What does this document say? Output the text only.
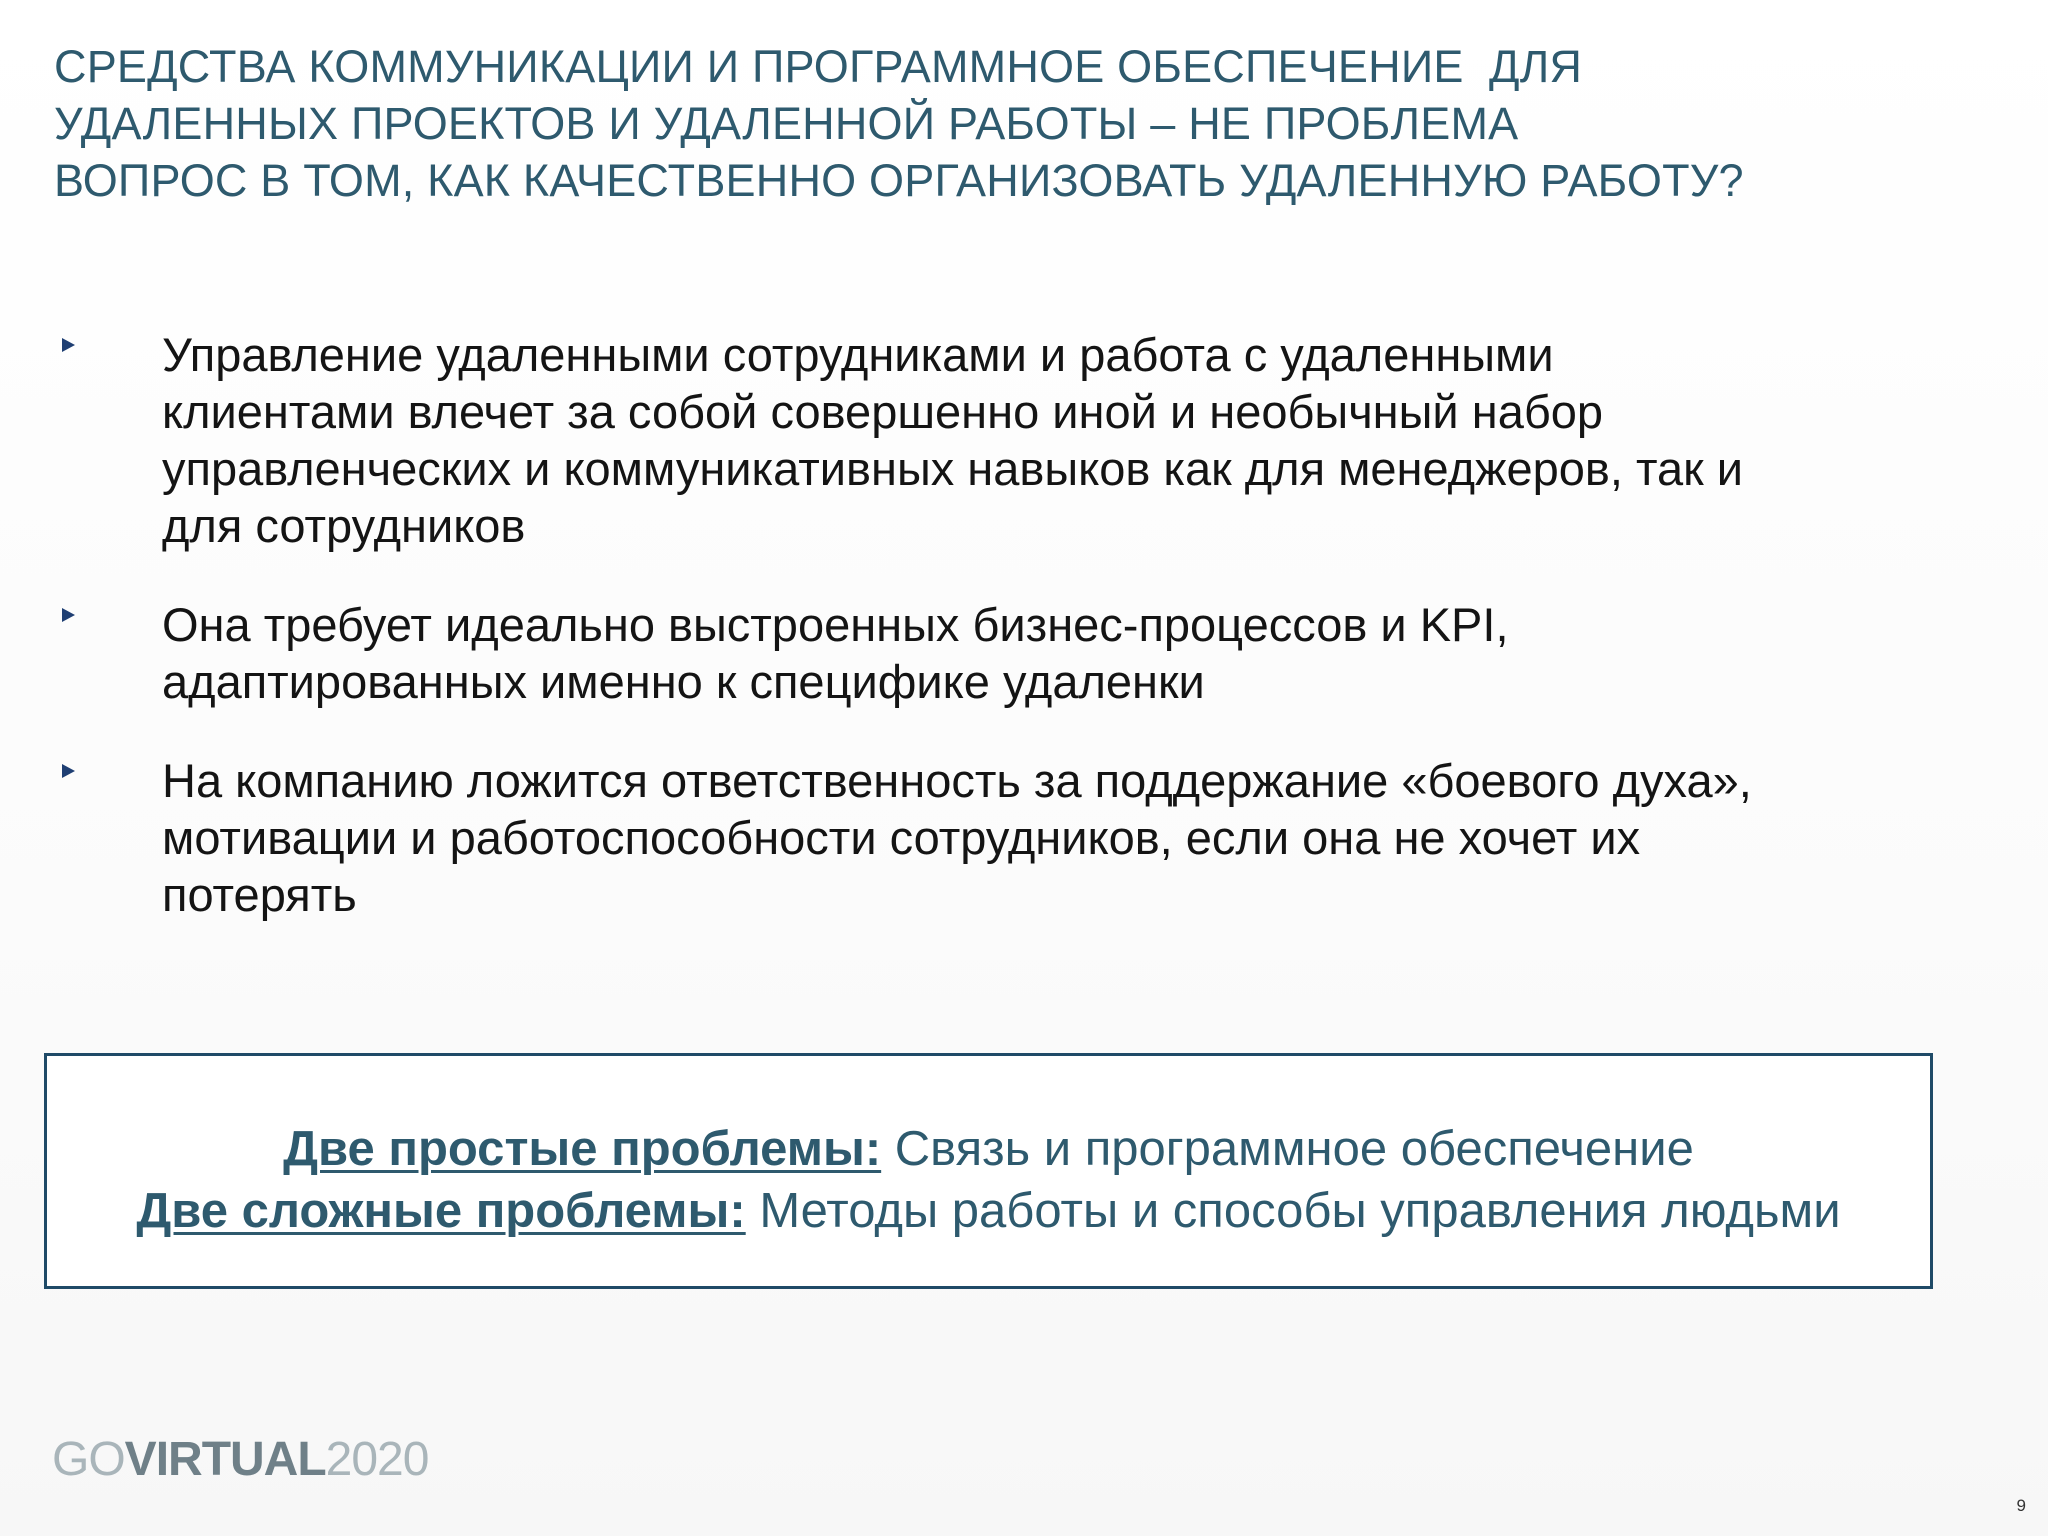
СРЕДСТВА КОММУНИКАЦИИ И ПРОГРАММНОЕ ОБЕСПЕЧЕНИЕ  ДЛЯ
УДАЛЕННЫХ ПРОЕКТОВ И УДАЛЕННОЙ РАБОТЫ – НЕ ПРОБЛЕМА
ВОПРОС В ТОМ, КАК КАЧЕСТВЕННО ОРГАНИЗОВАТЬ УДАЛЕННУЮ РАБОТУ?
Управление удаленными сотрудниками и работа с удаленными
клиентами влечет за собой совершенно иной и необычный набор
управленческих и коммуникативных навыков как для менеджеров, так и
для сотрудников
Она требует идеально выстроенных бизнес-процессов и KPI,
адаптированных именно к специфике удаленки
На компанию ложится ответственность за поддержание «боевого духа»,
мотивации и работоспособности сотрудников, если она не хочет их
потерять
Две простые проблемы: Связь и программное обеспечение
Две сложные проблемы: Методы работы и способы управления людьми
GOVIRTUAL2020
9
